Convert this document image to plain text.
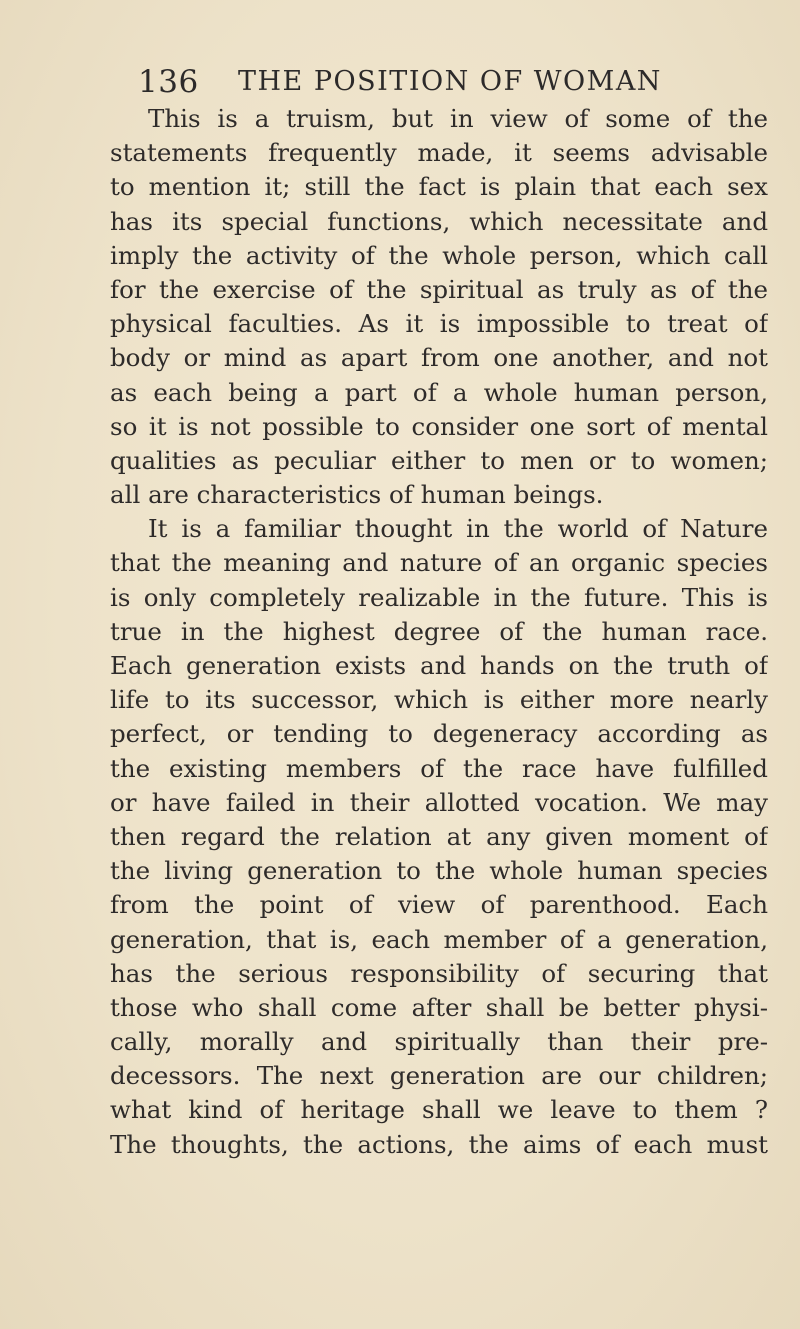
136 THE POSITION OF WOMAN
This is a truism, but in view of some of the
statements frequently made, it seems advisable
to mention it; still the fact is plain that each sex
has its special functions, which necessitate and
imply the activity of the whole person, which call
for the exercise of the spiritual as truly as of the
physical faculties. As it is impossible to treat of
body or mind as apart from one another, and not
as each being a part of a whole human person,
so it is not possible to consider one sort of mental
qualities as peculiar either to men or to women;
all are characteristics of human beings.
It is a familiar thought in the world of Nature
that the meaning and nature of an organic species
is only completely realizable in the future. This is
true in the highest degree of the human race.
Each generation exists and hands on the truth of
life to its successor, which is either more nearly
perfect, or tending to degeneracy according as
the existing members of the race have fulfilled
or have failed in their allotted vocation. We may
then regard the relation at any given moment of
the living generation to the whole human species
from the point of view of parenthood. Each
generation, that is, each member of a generation,
has the serious responsibility of securing that
those who shall come after shall be better physi-
cally, morally and spiritually than their pre-
decessors. The next generation are our children;
what kind of heritage shall we leave to them ?
The thoughts, the actions, the aims of each must
